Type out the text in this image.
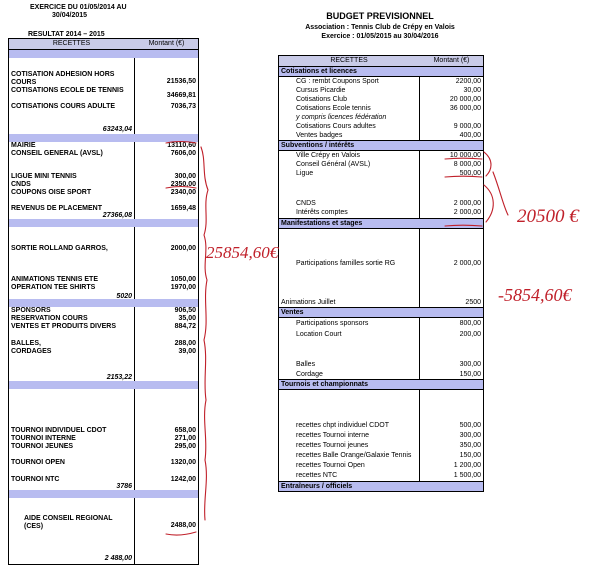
EXERCICE DU 01/05/2014 AU
30/04/2015
RESULTAT 2014 – 2015
RECETTES	Montant (€)
COTISATION ADHESION HORS COURS	21536,50
COTISATIONS ECOLE DE TENNIS
34669,81
COTISATIONS COURS ADULTE	7036,73
63243,04
MAIRIE	13110,60
CONSEIL GENERAL (AVSL)	7606,00
LIGUE MINI TENNIS	300,00
CNDS	2350,00
COUPONS OISE SPORT	2340,00
REVENUS DE PLACEMENT	1659,48
27366,08
SORTIE ROLLAND GARROS,	2000,00
ANIMATIONS TENNIS ETE	1050,00
OPERATION TEE SHIRTS	1970,00
5020
SPONSORS	906,50
RESERVATION COURS	35,00
VENTES ET PRODUITS DIVERS	884,72
BALLES,	288,00
CORDAGES	39,00
2153,22
TOURNOI INDIVIDUEL CDOT	658,00
TOURNOI INTERNE	271,00
TOURNOI JEUNES	295,00
TOURNOI OPEN	1320,00
TOURNOI NTC	1242,00
3786
AIDE CONSEIL REGIONAL (CES)	2488,00
2 488,00
BUDGET PREVISIONNEL
Association : Tennis Club de Crépy en Valois
Exercice : 01/05/2015 au 30/04/2016
RECETTES	Montant (€)
Cotisations et licences
CG : rembt Coupons Sport	2200,00
Cursus Picardie	30,00
Cotisations Club	20 000,00
Cotisations Ecole tennis	36 000,00
y compris licences fédération
Cotisations Cours adultes	9 000,00
Ventes badges	400,00
Subventions / intérêts
Ville Crépy en Valois	10 000,00
Conseil Général (AVSL)	8 000,00
Ligue	500,00
CNDS	2 000,00
Intérêts comptes	2 000,00
Manifestations et stages
Participations familles sortie RG	2 000,00
Animations Juillet	2500
Ventes
Participations sponsors	800,00
Location Court	200,00
Balles	300,00
Cordage	150,00
Tournois et championnats
recettes chpt individuel CDOT	500,00
recettes Tournoi interne	300,00
recettes Tournoi jeunes	350,00
recettes Balle Orange/Galaxie Tennis	150,00
recettes Tournoi Open	1 200,00
recettes NTC	1 500,00
Entraîneurs / officiels
25854,60€
20500 €
-5854,60€
